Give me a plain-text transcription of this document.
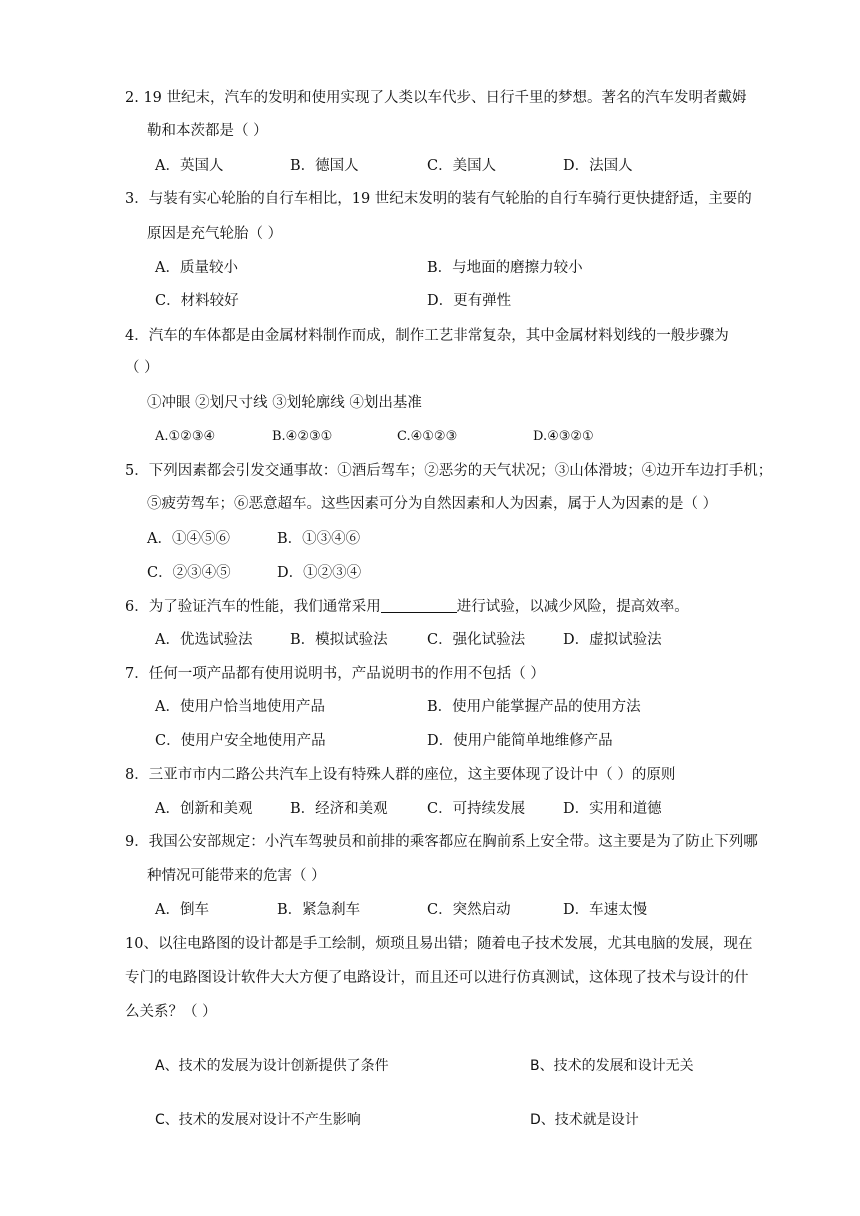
2. 19 世纪末，汽车的发明和使用实现了人类以车代步、日行千里的梦想。著名的汽车发明者戴姆
勒和本茨都是（ ）
A．英国人	B．德国人	C．美国人	D．法国人
3．与装有实心轮胎的自行车相比，19 世纪末发明的装有气轮胎的自行车骑行更快捷舒适，主要的
原因是充气轮胎（ ）
A．质量较小	B．与地面的磨擦力较小
C．材料较好	D．更有弹性
4．汽车的车体都是由金属材料制作而成，制作工艺非常复杂，其中金属材料划线的一般步骤为
（ ）
①冲眼 ②划尺寸线 ③划轮廓线 ④划出基准
A.①②③④	B.④②③①	C.④①②③	D.④③②①
5．下列因素都会引发交通事故：①酒后驾车；②恶劣的天气状况；③山体滑坡；④边开车边打手机；
⑤疲劳驾车；⑥恶意超车。这些因素可分为自然因素和人为因素，属于人为因素的是（ ）
A．①④⑤⑥	B．①③④⑥
C．②③④⑤	D．①②③④
6．为了验证汽车的性能，我们通常采用	进行试验，以减少风险，提高效率。
A．优选试验法	B．模拟试验法	C．强化试验法	D．虚拟试验法
7．任何一项产品都有使用说明书，产品说明书的作用不包括（ ）
A．使用户恰当地使用产品	B．使用户能掌握产品的使用方法
C．使用户安全地使用产品	D．使用户能简单地维修产品
8．三亚市市内二路公共汽车上设有特殊人群的座位，这主要体现了设计中（ ）的原则
A．创新和美观	B．经济和美观	C．可持续发展	D．实用和道德
9．我国公安部规定：小汽车驾驶员和前排的乘客都应在胸前系上安全带。这主要是为了防止下列哪
种情况可能带来的危害（ ）
A．倒车	B．紧急刹车	C．突然启动	D．车速太慢
10、以往电路图的设计都是手工绘制，烦琐且易出错；随着电子技术发展，尤其电脑的发展，现在
专门的电路图设计软件大大方便了电路设计，而且还可以进行仿真测试，这体现了技术与设计的什
么关系？（ ）
A、技术的发展为设计创新提供了条件	B、技术的发展和设计无关
C、技术的发展对设计不产生影响	D、技术就是设计
